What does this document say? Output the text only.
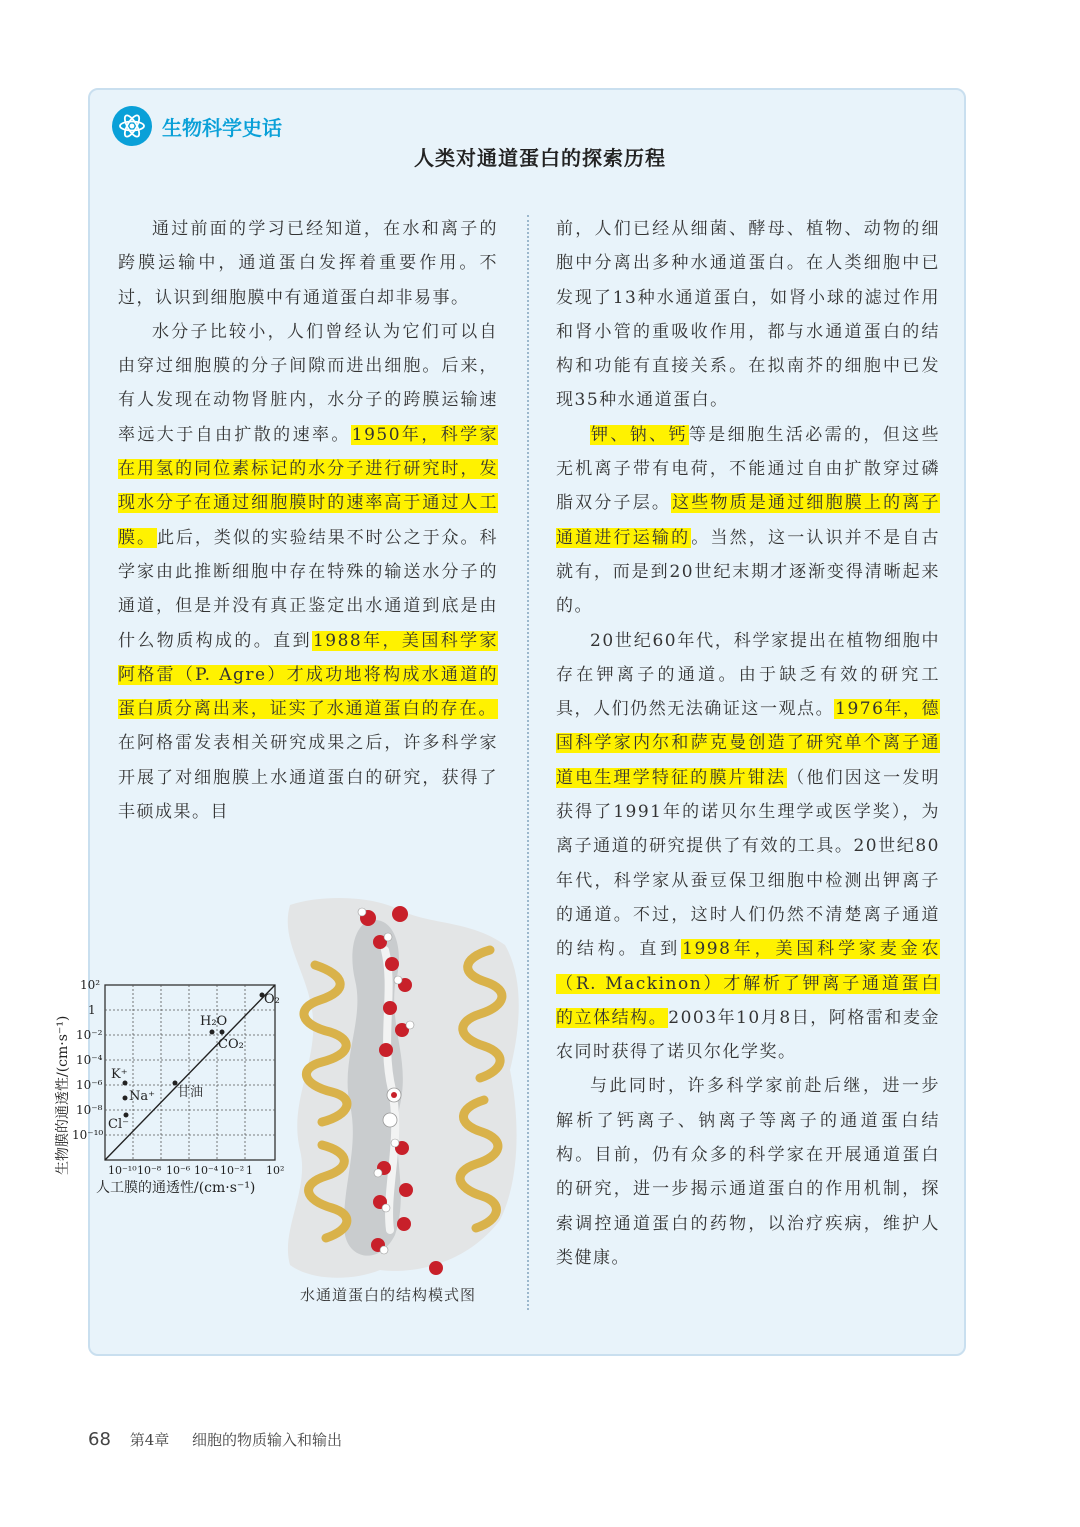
生物科学史话
人类对通道蛋白的探索历程

通过前面的学习已经知道，在水和离子的跨膜运输中，通道蛋白发挥着重要作用。不过，认识到细胞膜中有通道蛋白却非易事。

水分子比较小，人们曾经认为它们可以自由穿过细胞膜的分子间隙而进出细胞。后来，有人发现在动物肾脏内，水分子的跨膜运输速率远大于自由扩散的速率。1950年，科学家在用氢的同位素标记的水分子进行研究时，发现水分子在通过细胞膜时的速率高于通过人工膜。此后，类似的实验结果不时公之于众。科学家由此推断细胞中存在特殊的输送水分子的通道，但是并没有真正鉴定出水通道到底是由什么物质构成的。直到1988年，美国科学家阿格雷（P. Agre）才成功地将构成水通道的蛋白质分离出来，证实了水通道蛋白的存在。在阿格雷发表相关研究成果之后，许多科学家开展了对细胞膜上水通道蛋白的研究，获得了丰硕成果。目

前，人们已经从细菌、酵母、植物、动物的细胞中分离出多种水通道蛋白。在人类细胞中已发现了13种水通道蛋白，如肾小球的滤过作用和肾小管的重吸收作用，都与水通道蛋白的结构和功能有直接关系。在拟南芥的细胞中已发现35种水通道蛋白。

钾、钠、钙等是细胞生活必需的，但这些无机离子带有电荷，不能通过自由扩散穿过磷脂双分子层。这些物质是通过细胞膜上的离子通道进行运输的。当然，这一认识并不是自古就有，而是到20世纪末期才逐渐变得清晰起来的。

20世纪60年代，科学家提出在植物细胞中存在钾离子的通道。由于缺乏有效的研究工具，人们仍然无法确证这一观点。1976年，德国科学家内尔和萨克曼创造了研究单个离子通道电生理学特征的膜片钳法（他们因这一发明获得了1991年的诺贝尔生理学或医学奖），为离子通道的研究提供了有效的工具。20世纪80年代，科学家从蚕豆保卫细胞中检测出钾离子的通道。不过，这时人们仍然不清楚离子通道的结构。直到1998年，美国科学家麦金农（R. Mackinon）才解析了钾离子通道蛋白的立体结构。2003年10月8日，阿格雷和麦金农同时获得了诺贝尔化学奖。

与此同时，许多科学家前赴后继，进一步解析了钙离子、钠离子等离子的通道蛋白结构。目前，仍有众多的科学家在开展通道蛋白的研究，进一步揭示通道蛋白的作用机制，探索调控通道蛋白的药物，以治疗疾病，维护人类健康。

10²
1
10⁻²
10⁻⁴
10⁻⁶
10⁻⁸
10⁻¹⁰
10⁻¹⁰ 10⁻⁸ 10⁻⁶ 10⁻⁴ 10⁻² 1 10²
人工膜的通透性/(cm·s⁻¹)
生物膜的通透性/(cm·s⁻¹)
O₂
H₂O
CO₂
K⁺
Na⁺ 甘油
Cl⁻
水通道蛋白的结构模式图
68 第4章 细胞的物质输入和输出
